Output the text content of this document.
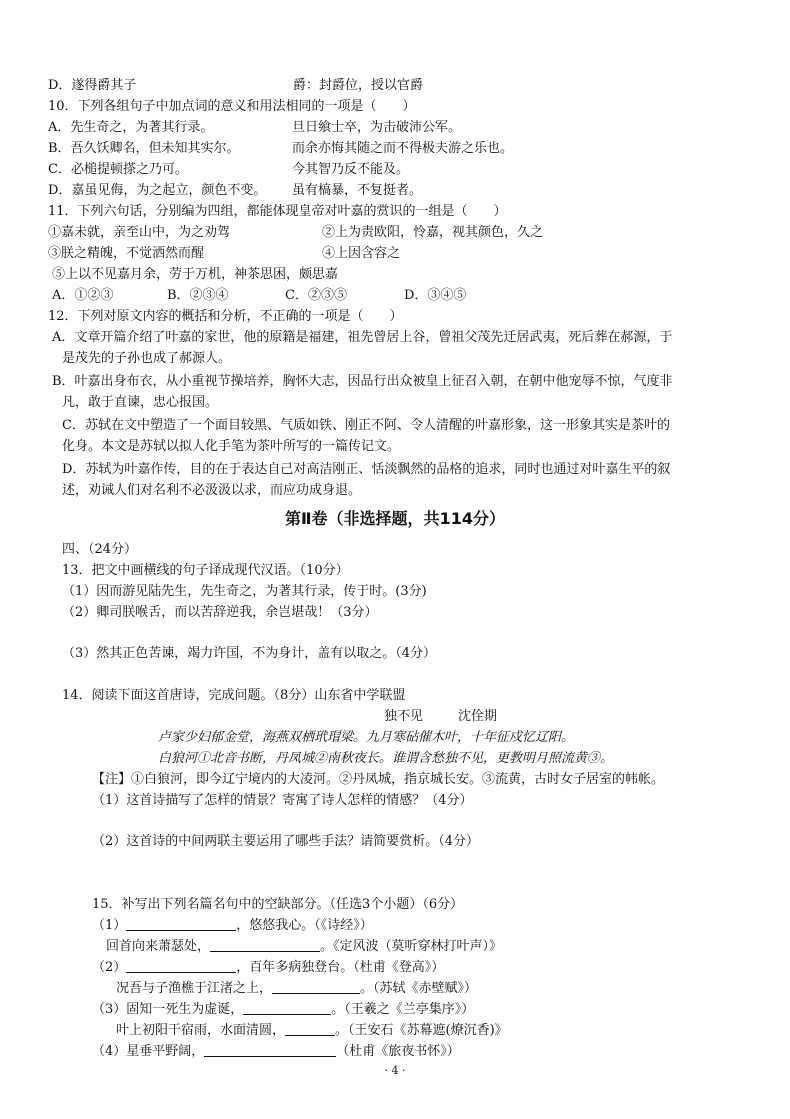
D．遂得爵其子	爵：封爵位，授以官爵
10．下列各组句子中加点词的意义和用法相同的一项是（　　）
A．先生奇之，为著其行录。	旦日飨士卒，为击破沛公军。
B．吾久饫卿名，但未知其实尔。	而余亦悔其随之而不得极夫游之乐也。
C．必槌提顿搽之乃可。	今其智乃反不能及。
D．嘉虽见侮，为之起立，颜色不变。 虽有槁暴，不复挺者。
11．下列六句话，分别编为四组，都能体现皇帝对叶嘉的赏识的一组是（　　）
①嘉未就，亲至山中，为之劝驾	②上为责欧阳，怜嘉，视其颜色，久之
③朕之精魄，不觉洒然而醒	④上因含容之
⑤上以不见嘉月余，劳于万机，神茶思困，颇思嘉
A．①②③	B．②③④	C．②③⑤	D．③④⑤
12．下列对原文内容的概括和分析，不正确的一项是（　　）
A．文章开篇介绍了叶嘉的家世，他的原籍是福建，祖先曾居上谷，曾祖父茂先迁居武夷，死后葬在郝源，于
是茂先的子孙也成了郝源人。
B．叶嘉出身布衣，从小重视节操培养，胸怀大志，因品行出众被皇上征召入朝，在朝中他宠辱不惊，气度非
凡，敢于直谏，忠心报国。
C．苏轼在文中塑造了一个面目较黑、气质如铁、刚正不阿、令人清醒的叶嘉形象，这一形象其实是茶叶的
化身。本文是苏轼以拟人化手笔为茶叶所写的一篇传记文。
D．苏轼为叶嘉作传，目的在于表达自己对高洁刚正、恬淡飘然的品格的追求，同时也通过对叶嘉生平的叙
述，劝诫人们对名利不必汲汲以求，而应功成身退。
第Ⅱ卷（非选择题，共114分）
四、（24分）
13．把文中画横线的句子译成现代汉语。（10分）
（1）因而游见陆先生，先生奇之，为著其行录，传于时。(3分)
（2）卿司朕喉舌，而以苦辞逆我，余岂堪哉！（3分）
（3）然其正色苦谏，竭力许国，不为身计，盖有以取之。（4分）
14．阅读下面这首唐诗，完成问题。（8分）山东省中学联盟
独不见	沈佺期
卢家少妇郁金堂，海燕双栖玳瑁梁。九月寒砧催木叶，十年征戍忆辽阳。
白狼河①北音书断，丹凤城②南秋夜长。谁谓含愁独不见，更教明月照流黄③。
【注】①白狼河，即今辽宁境内的大凌河。②丹凤城，指京城长安。③流黄，古时女子居室的帏帐。
（1）这首诗描写了怎样的情景？寄寓了诗人怎样的情感？（4分）
（2）这首诗的中间两联主要运用了哪些手法？请简要赏析。（4分）
15．补写出下列名篇名句中的空缺部分。（任选3个小题）（6分）
（1）	，悠悠我心。（《诗经》）
回首向来萧瑟处，	。《定风波（莫听穿林打叶声）》
（2）	，百年多病独登台。（杜甫《登高》）
况吾与子渔樵于江渚之上，	。（苏轼《赤壁赋》）
（3）固知一死生为虚诞，	。（王羲之《兰亭集序》）
叶上初阳干宿雨，水面清圆，	。（王安石《苏幕遮(燎沉香)》
（4）星垂平野阔，	（杜甫《旅夜书怀》）
· 4 ·
